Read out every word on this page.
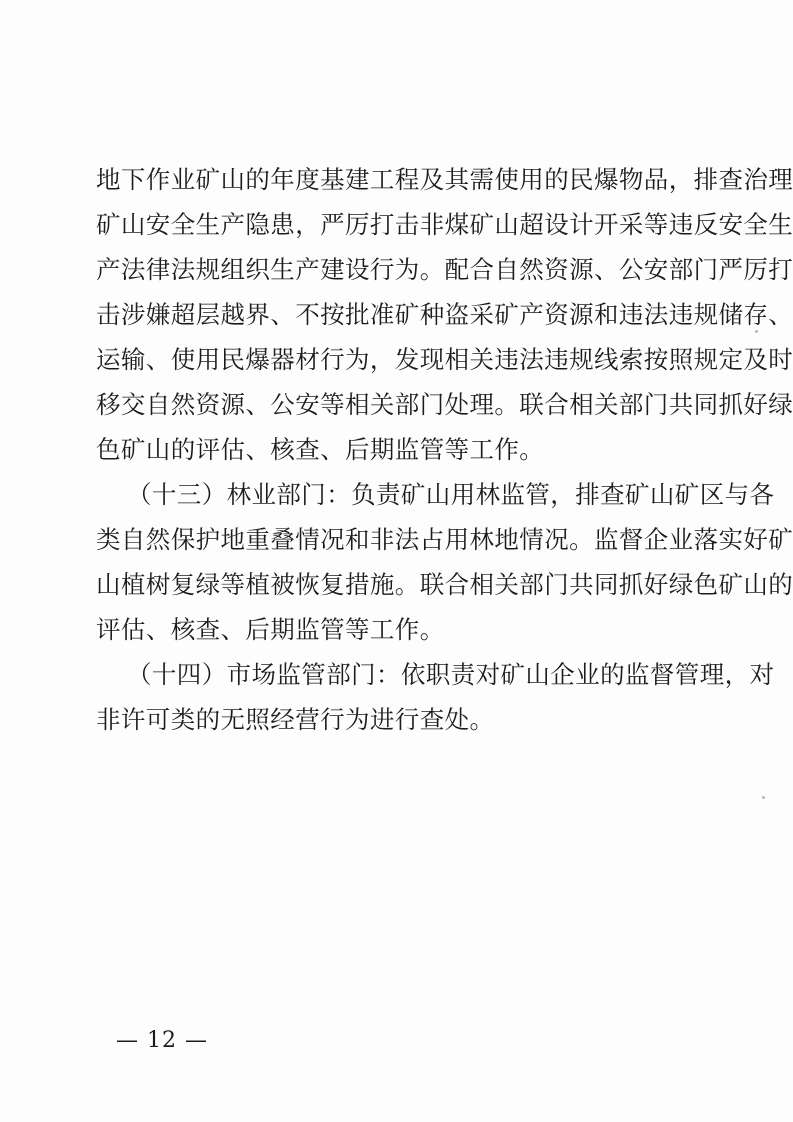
地下作业矿山的年度基建工程及其需使用的民爆物品，排查治理
矿山安全生产隐患，严厉打击非煤矿山超设计开采等违反安全生
产法律法规组织生产建设行为。配合自然资源、公安部门严厉打
击涉嫌超层越界、不按批准矿种盗采矿产资源和违法违规储存、
运输、使用民爆器材行为，发现相关违法违规线索按照规定及时
移交自然资源、公安等相关部门处理。联合相关部门共同抓好绿
色矿山的评估、核查、后期监管等工作。
（十三）林业部门：负责矿山用林监管，排查矿山矿区与各
类自然保护地重叠情况和非法占用林地情况。监督企业落实好矿
山植树复绿等植被恢复措施。联合相关部门共同抓好绿色矿山的
评估、核查、后期监管等工作。
（十四）市场监管部门：依职责对矿山企业的监督管理，对
非许可类的无照经营行为进行查处。
— 12 —
